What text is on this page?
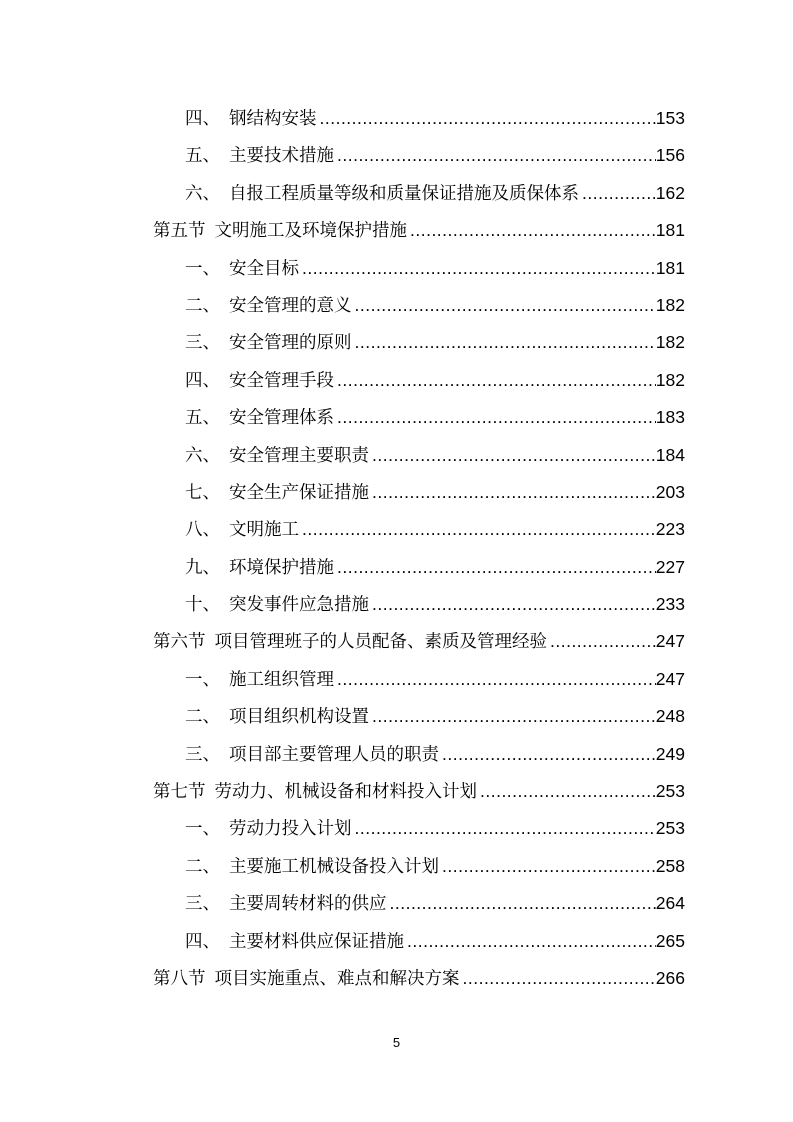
四、 钢结构安装 .....	153
五、 主要技术措施 .....	156
六、 自报工程质量等级和质量保证措施及质保体系 .....	162
第五节 文明施工及环境保护措施 .....	181
一、 安全目标 .....	181
二、 安全管理的意义 .....	182
三、 安全管理的原则 .....	182
四、 安全管理手段 .....	182
五、 安全管理体系 .....	183
六、 安全管理主要职责 .....	184
七、 安全生产保证措施 .....	203
八、 文明施工 .....	223
九、 环境保护措施 .....	227
十、 突发事件应急措施 .....	233
第六节 项目管理班子的人员配备、素质及管理经验 .....	247
一、 施工组织管理 .....	247
二、 项目组织机构设置 .....	248
三、 项目部主要管理人员的职责 .....	249
第七节 劳动力、机械设备和材料投入计划 .....	253
一、 劳动力投入计划 .....	253
二、 主要施工机械设备投入计划 .....	258
三、 主要周转材料的供应 .....	264
四、 主要材料供应保证措施 .....	265
第八节 项目实施重点、难点和解决方案 .....	266
5
